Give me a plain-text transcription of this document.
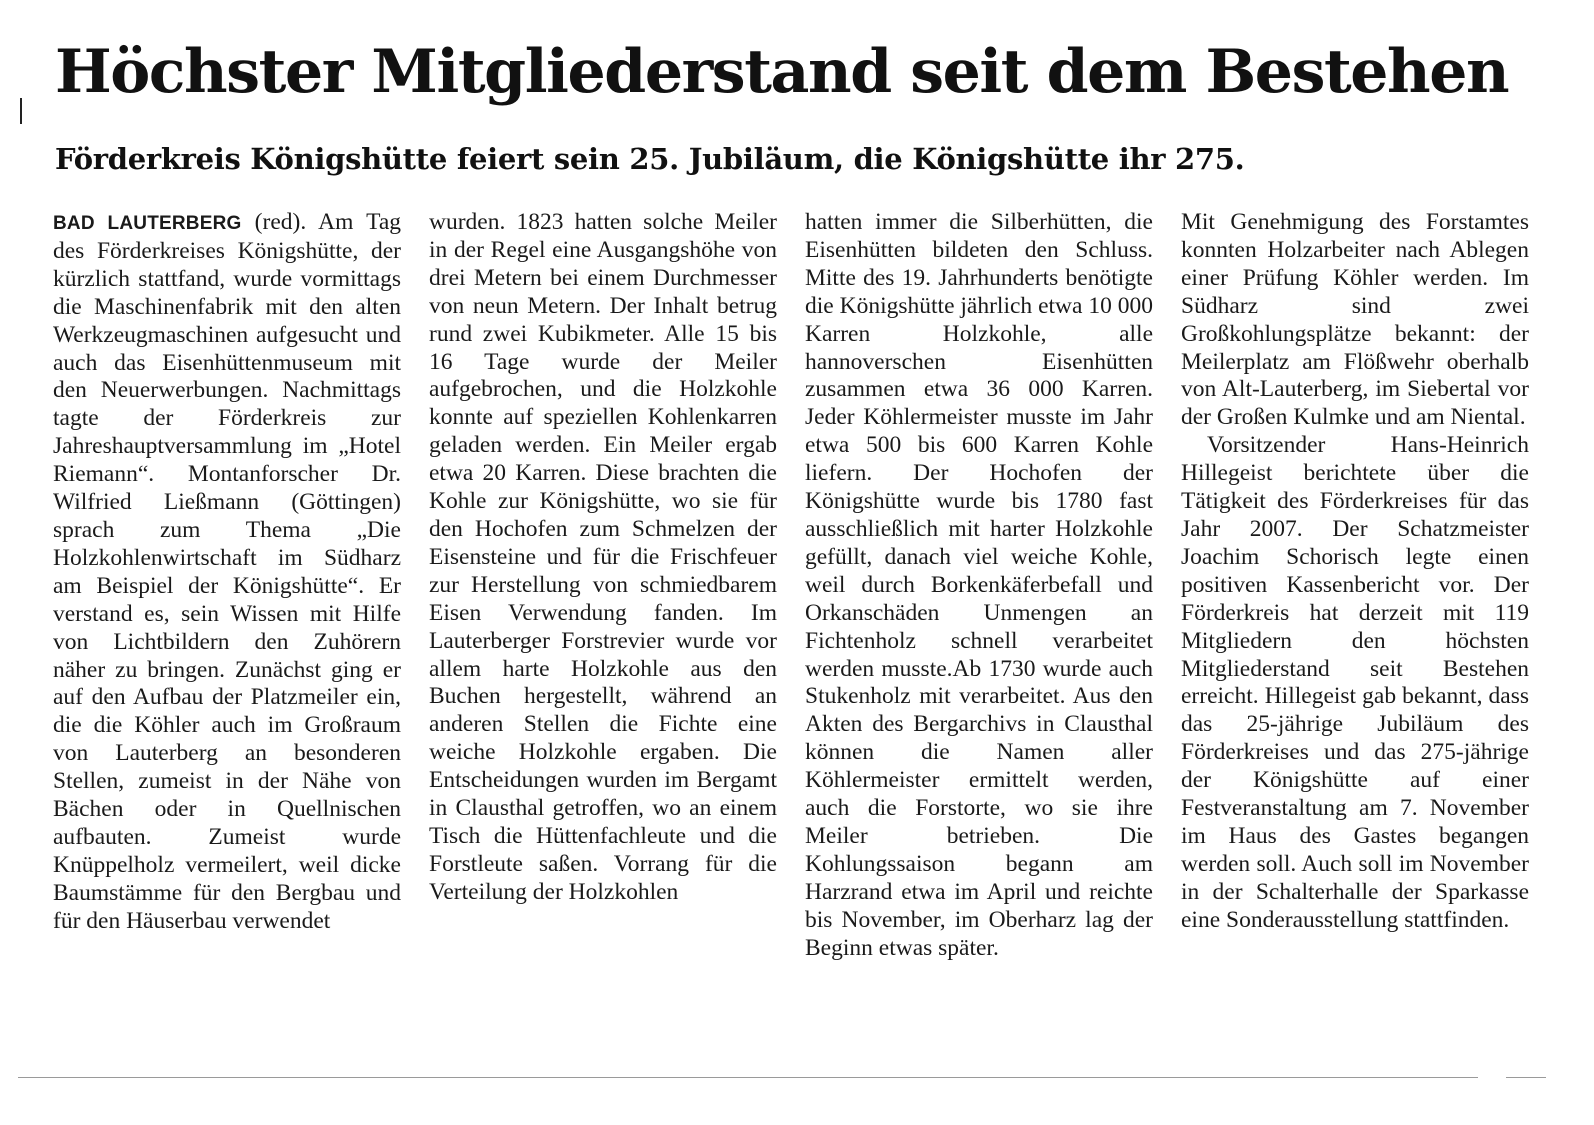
Höchster Mitgliederstand seit dem Bestehen
Förderkreis Königshütte feiert sein 25. Jubiläum, die Königshütte ihr 275.

BAD LAUTERBERG (red). Am Tag des Förderkreises Königshütte, der kürzlich stattfand, wurde vormittags die Maschinenfabrik mit den alten Werkzeugmaschinen aufgesucht und auch das Eisenhüttenmuseum mit den Neuerwerbungen. Nachmittags tagte der Förderkreis zur Jahreshauptversammlung im „Hotel Riemann“. Montanforscher Dr. Wilfried Ließmann (Göttingen) sprach zum Thema „Die Holzkohlenwirtschaft im Südharz am Beispiel der Königshütte“. Er verstand es, sein Wissen mit Hilfe von Lichtbildern den Zuhörern näher zu bringen. Zunächst ging er auf den Aufbau der Platzmeiler ein, die die Köhler auch im Großraum von Lauterberg an besonderen Stellen, zumeist in der Nähe von Bächen oder in Quellnischen aufbauten. Zumeist wurde Knüppelholz vermeilert, weil dicke Baumstämme für den Bergbau und für den Häuserbau verwendet

wurden. 1823 hatten solche Meiler in der Regel eine Ausgangshöhe von drei Metern bei einem Durchmesser von neun Metern. Der Inhalt betrug rund zwei Kubikmeter. Alle 15 bis 16 Tage wurde der Meiler aufgebrochen, und die Holzkohle konnte auf speziellen Kohlenkarren geladen werden. Ein Meiler ergab etwa 20 Karren. Diese brachten die Kohle zur Königshütte, wo sie für den Hochofen zum Schmelzen der Eisensteine und für die Frischfeuer zur Herstellung von schmiedbarem Eisen Verwendung fanden. Im Lauterberger Forstrevier wurde vor allem harte Holzkohle aus den Buchen hergestellt, während an anderen Stellen die Fichte eine weiche Holzkohle ergaben. Die Entscheidungen wurden im Bergamt in Clausthal getroffen, wo an einem Tisch die Hüttenfachleute und die Forstleute saßen. Vorrang für die Verteilung der Holzkohlen

hatten immer die Silberhütten, die Eisenhütten bildeten den Schluss. Mitte des 19. Jahrhunderts benötigte die Königshütte jährlich etwa 10 000 Karren Holzkohle, alle hannoverschen Eisenhütten zusammen etwa 36 000 Karren. Jeder Köhlermeister musste im Jahr etwa 500 bis 600 Karren Kohle liefern. Der Hochofen der Königshütte wurde bis 1780 fast ausschließlich mit harter Holzkohle gefüllt, danach viel weiche Kohle, weil durch Borkenkäferbefall und Orkanschäden Unmengen an Fichtenholz schnell verarbeitet werden musste.Ab 1730 wurde auch Stukenholz mit verarbeitet. Aus den Akten des Bergarchivs in Clausthal können die Namen aller Köhlermeister ermittelt werden, auch die Forstorte, wo sie ihre Meiler betrieben. Die Kohlungssaison begann am Harzrand etwa im April und reichte bis November, im Oberharz lag der Beginn etwas später.

Mit Genehmigung des Forstamtes konnten Holzarbeiter nach Ablegen einer Prüfung Köhler werden. Im Südharz sind zwei Großkohlungsplätze bekannt: der Meilerplatz am Flößwehr oberhalb von Alt-Lauterberg, im Siebertal vor der Großen Kulmke und am Niental.
Vorsitzender Hans-Heinrich Hillegeist berichtete über die Tätigkeit des Förderkreises für das Jahr 2007. Der Schatzmeister Joachim Schorisch legte einen positiven Kassenbericht vor. Der Förderkreis hat derzeit mit 119 Mitgliedern den höchsten Mitgliederstand seit Bestehen erreicht. Hillegeist gab bekannt, dass das 25-jährige Jubiläum des Förderkreises und das 275-jährige der Königshütte auf einer Festveranstaltung am 7. November im Haus des Gastes begangen werden soll. Auch soll im November in der Schalterhalle der Sparkasse eine Sonderausstellung stattfinden.
